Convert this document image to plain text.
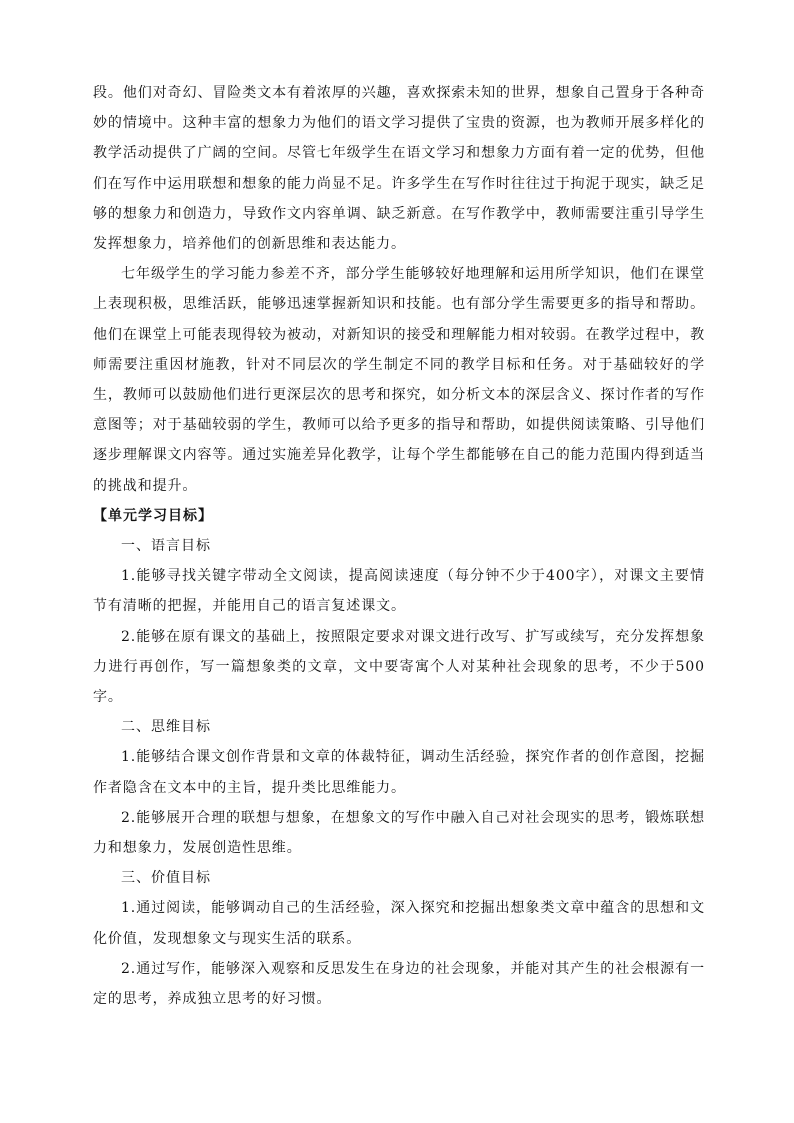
段。他们对奇幻、冒险类文本有着浓厚的兴趣，喜欢探索未知的世界，想象自己置身于各种奇妙的情境中。这种丰富的想象力为他们的语文学习提供了宝贵的资源，也为教师开展多样化的教学活动提供了广阔的空间。尽管七年级学生在语文学习和想象力方面有着一定的优势，但他们在写作中运用联想和想象的能力尚显不足。许多学生在写作时往往过于拘泥于现实，缺乏足够的想象力和创造力，导致作文内容单调、缺乏新意。在写作教学中，教师需要注重引导学生发挥想象力，培养他们的创新思维和表达能力。

七年级学生的学习能力参差不齐，部分学生能够较好地理解和运用所学知识，他们在课堂上表现积极，思维活跃，能够迅速掌握新知识和技能。也有部分学生需要更多的指导和帮助。他们在课堂上可能表现得较为被动，对新知识的接受和理解能力相对较弱。在教学过程中，教师需要注重因材施教，针对不同层次的学生制定不同的教学目标和任务。对于基础较好的学生，教师可以鼓励他们进行更深层次的思考和探究，如分析文本的深层含义、探讨作者的写作意图等；对于基础较弱的学生，教师可以给予更多的指导和帮助，如提供阅读策略、引导他们逐步理解课文内容等。通过实施差异化教学，让每个学生都能够在自己的能力范围内得到适当的挑战和提升。

【单元学习目标】

一、语言目标

1.能够寻找关键字带动全文阅读，提高阅读速度（每分钟不少于400字），对课文主要情节有清晰的把握，并能用自己的语言复述课文。

2.能够在原有课文的基础上，按照限定要求对课文进行改写、扩写或续写，充分发挥想象力进行再创作，写一篇想象类的文章，文中要寄寓个人对某种社会现象的思考，不少于500字。

二、思维目标

1.能够结合课文创作背景和文章的体裁特征，调动生活经验，探究作者的创作意图，挖掘作者隐含在文本中的主旨，提升类比思维能力。

2.能够展开合理的联想与想象，在想象文的写作中融入自己对社会现实的思考，锻炼联想力和想象力，发展创造性思维。

三、价值目标

1.通过阅读，能够调动自己的生活经验，深入探究和挖掘出想象类文章中蕴含的思想和文化价值，发现想象文与现实生活的联系。

2.通过写作，能够深入观察和反思发生在身边的社会现象，并能对其产生的社会根源有一定的思考，养成独立思考的好习惯。
